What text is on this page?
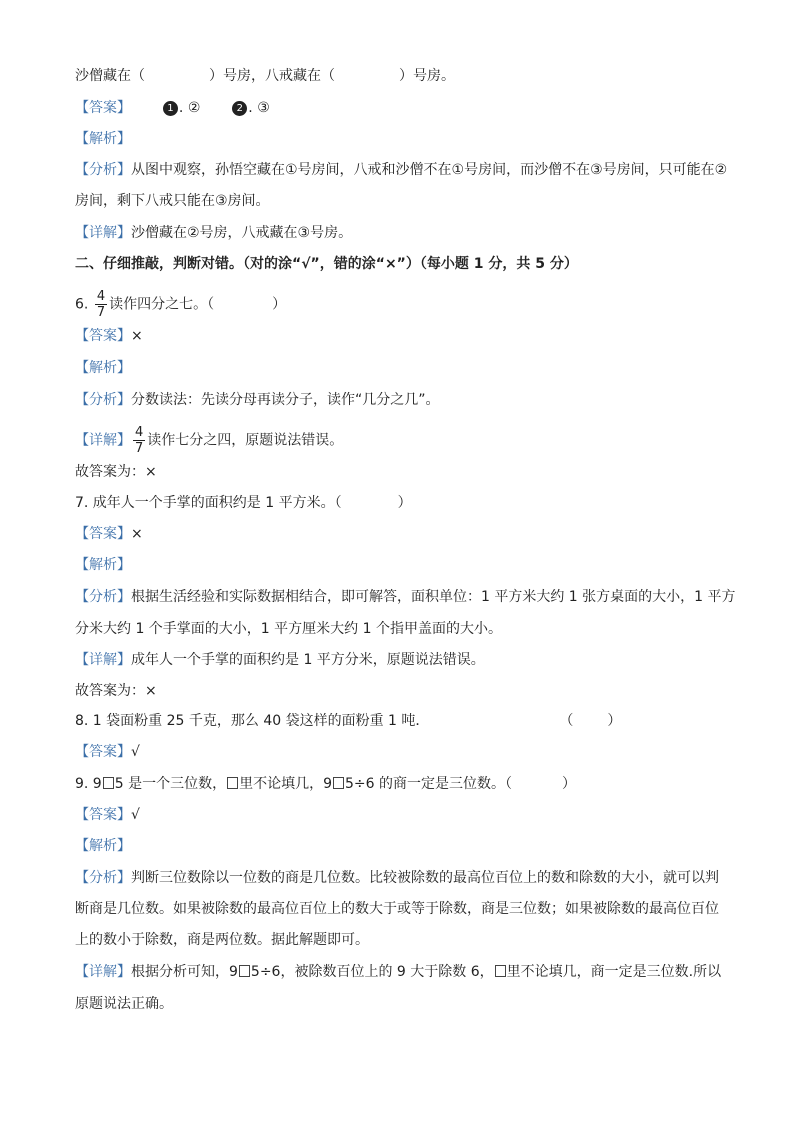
沙僧藏在（	）号房，八戒藏在（	）号房。
【答案】	1 . ②	2 . ③
【解析】
【分析】从图中观察，孙悟空藏在①号房间，八戒和沙僧不在①号房间，而沙僧不在③号房间，只可能在②
房间，剩下八戒只能在③房间。
【详解】沙僧藏在②号房，八戒藏在③号房。
二、仔细推敲，判断对错。（对的涂“√”，错的涂“×”）（每小题 1 分，共 5 分）
6. $\frac{4}{7}$ 读作四分之七。（	）
【答案】×
【解析】
【分析】分数读法：先读分母再读分子，读作“几分之几”。
【详解】 $\frac{4}{7}$ 读作七分之四，原题说法错误。
故答案为：×
7. 成年人一个手掌的面积约是 1 平方米。（	）
【答案】×
【解析】
【分析】根据生活经验和实际数据相结合，即可解答，面积单位：1 平方米大约 1 张方桌面的大小，1 平方
分米大约 1 个手掌面的大小，1 平方厘米大约 1 个指甲盖面的大小。
【详解】成年人一个手掌的面积约是 1 平方分米，原题说法错误。
故答案为：×
8. 1 袋面粉重 25 千克，那么 40 袋这样的面粉重 1 吨．	（ ）
【答案】√
9. 9 5 是一个三位数， 里不论填几，9 5÷6 的商一定是三位数。（	）
【答案】√
【解析】
【分析】判断三位数除以一位数的商是几位数。比较被除数的最高位百位上的数和除数的大小，就可以判
断商是几位数。如果被除数的最高位百位上的数大于或等于除数，商是三位数；如果被除数的最高位百位
上的数小于除数，商是两位数。据此解题即可。
【详解】根据分析可知，9 5÷6，被除数百位上的 9 大于除数 6， 里不论填几，商一定是三位数.所以
原题说法正确。
